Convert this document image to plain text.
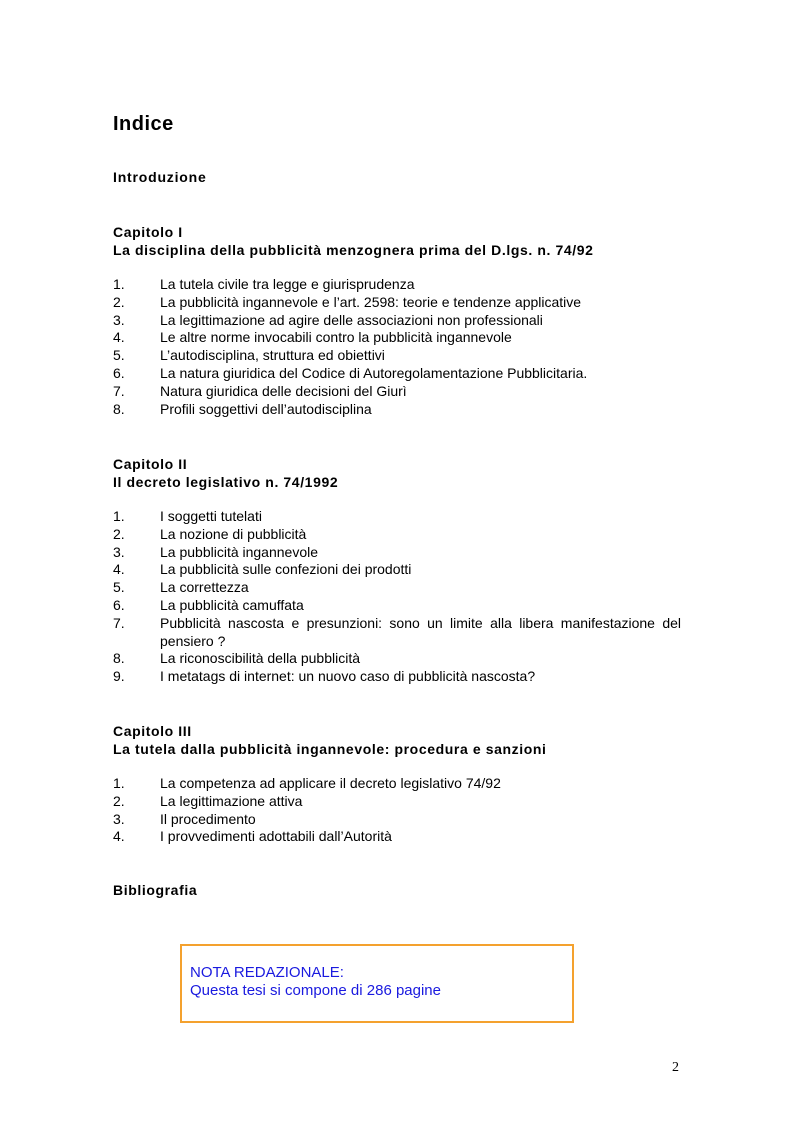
Indice
Introduzione
Capitolo I
La disciplina della pubblicità menzognera prima del D.lgs. n. 74/92
1.	La tutela civile tra legge e giurisprudenza
2.	La pubblicità ingannevole e l’art. 2598: teorie e tendenze applicative
3.	La legittimazione ad agire delle associazioni non professionali
4.	Le altre norme invocabili contro la pubblicità ingannevole
5.	L’autodisciplina, struttura ed obiettivi
6.	La natura giuridica del Codice di Autoregolamentazione Pubblicitaria.
7.	Natura giuridica delle decisioni del Giurì
8.	Profili soggettivi dell’autodisciplina
Capitolo II
Il decreto legislativo n. 74/1992
1.	I soggetti tutelati
2.	La nozione di pubblicità
3.	La pubblicità ingannevole
4.	La pubblicità sulle confezioni dei prodotti
5.	La correttezza
6.	La pubblicità camuffata
7.	Pubblicità nascosta e presunzioni: sono un limite alla libera manifestazione del pensiero ?
8.	La riconoscibilità della pubblicità
9.	I metatags di internet: un nuovo caso di pubblicità nascosta?
Capitolo III
La tutela dalla pubblicità ingannevole: procedura e sanzioni
1.	La competenza ad applicare il decreto legislativo 74/92
2.	La legittimazione attiva
3.	Il procedimento
4.	I provvedimenti adottabili dall’Autorità
Bibliografia
NOTA REDAZIONALE:
Questa tesi si compone di 286 pagine
2
